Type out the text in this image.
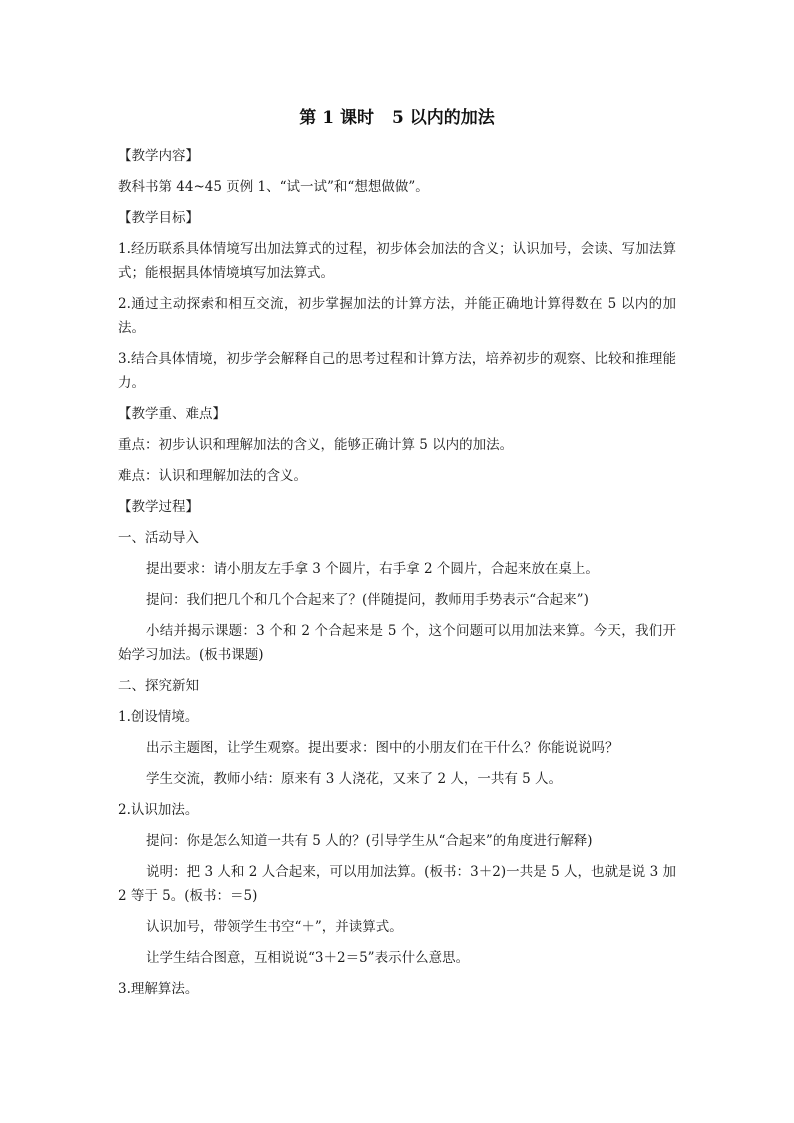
第 1 课时 5 以内的加法
【教学内容】
教科书第 44~45 页例 1、“试一试”和“想想做做”。
【教学目标】
1.经历联系具体情境写出加法算式的过程，初步体会加法的含义；认识加号，会读、写加法算式；能根据具体情境填写加法算式。
2.通过主动探索和相互交流，初步掌握加法的计算方法，并能正确地计算得数在 5 以内的加法。
3.结合具体情境，初步学会解释自己的思考过程和计算方法，培养初步的观察、比较和推理能力。
【教学重、难点】
重点：初步认识和理解加法的含义，能够正确计算 5 以内的加法。
难点：认识和理解加法的含义。
【教学过程】
一、活动导入
提出要求：请小朋友左手拿 3 个圆片，右手拿 2 个圆片，合起来放在桌上。
提问：我们把几个和几个合起来了？(伴随提问，教师用手势表示“合起来”)
小结并揭示课题：3 个和 2 个合起来是 5 个，这个问题可以用加法来算。今天，我们开始学习加法。(板书课题)
二、探究新知
1.创设情境。
出示主题图，让学生观察。提出要求：图中的小朋友们在干什么？你能说说吗？
学生交流，教师小结：原来有 3 人浇花，又来了 2 人，一共有 5 人。
2.认识加法。
提问：你是怎么知道一共有 5 人的？(引导学生从“合起来”的角度进行解释)
说明：把 3 人和 2 人合起来，可以用加法算。(板书：3＋2)一共是 5 人，也就是说 3 加 2 等于 5。(板书：＝5)
认识加号，带领学生书空“＋”，并读算式。
让学生结合图意，互相说说“3＋2＝5”表示什么意思。
3.理解算法。
